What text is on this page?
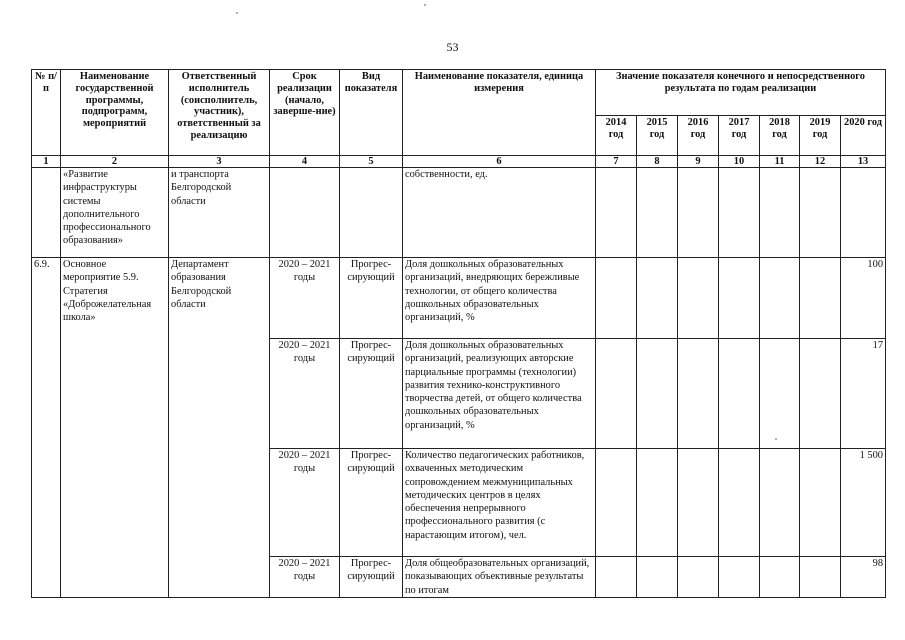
53
№ п/п	Наименование государственной программы, подпрограмм, мероприятий	Ответственный исполнитель (соисполнитель, участник), ответственный за реализацию	Срок реализации (начало, заверше-ние)	Вид показателя	Наименование показателя, единица измерения	Значение показателя конечного и непосредственного результата по годам реализации						
						2014 год	2015 год	2016 год	2017 год	2018 год	2019 год	2020 год
1	2	3	4	5	6	7	8	9	10	11	12	13
	«Развитие инфраструктуры системы дополнительного профессионального образования»	и транспорта Белгородской области			собственности, ед.							
6.9.	Основное мероприятие 5.9. Стратегия «Доброжелательная школа»	Департамент образования Белгородской области	2020 – 2021 годы	Прогрес-сирующий	Доля дошкольных образовательных организаций, внедряющих бережливые технологии, от общего количества дошкольных образовательных организаций, %							100
			2020 – 2021 годы	Прогрес-сирующий	Доля дошкольных образовательных организаций, реализующих авторские парциальные программы (технологии) развития технико-конструктивного творчества детей, от общего количества дошкольных образовательных организаций, %							17
			2020 – 2021 годы	Прогрес-сирующий	Количество педагогических работников, охваченных методическим сопровождением межмуниципальных методических центров в целях обеспечения непрерывного профессионального развития (с нарастающим итогом), чел.							1 500
			2020 – 2021 годы	Прогрес-сирующий	Доля общеобразовательных организаций, показывающих объективные результаты по итогам							98
